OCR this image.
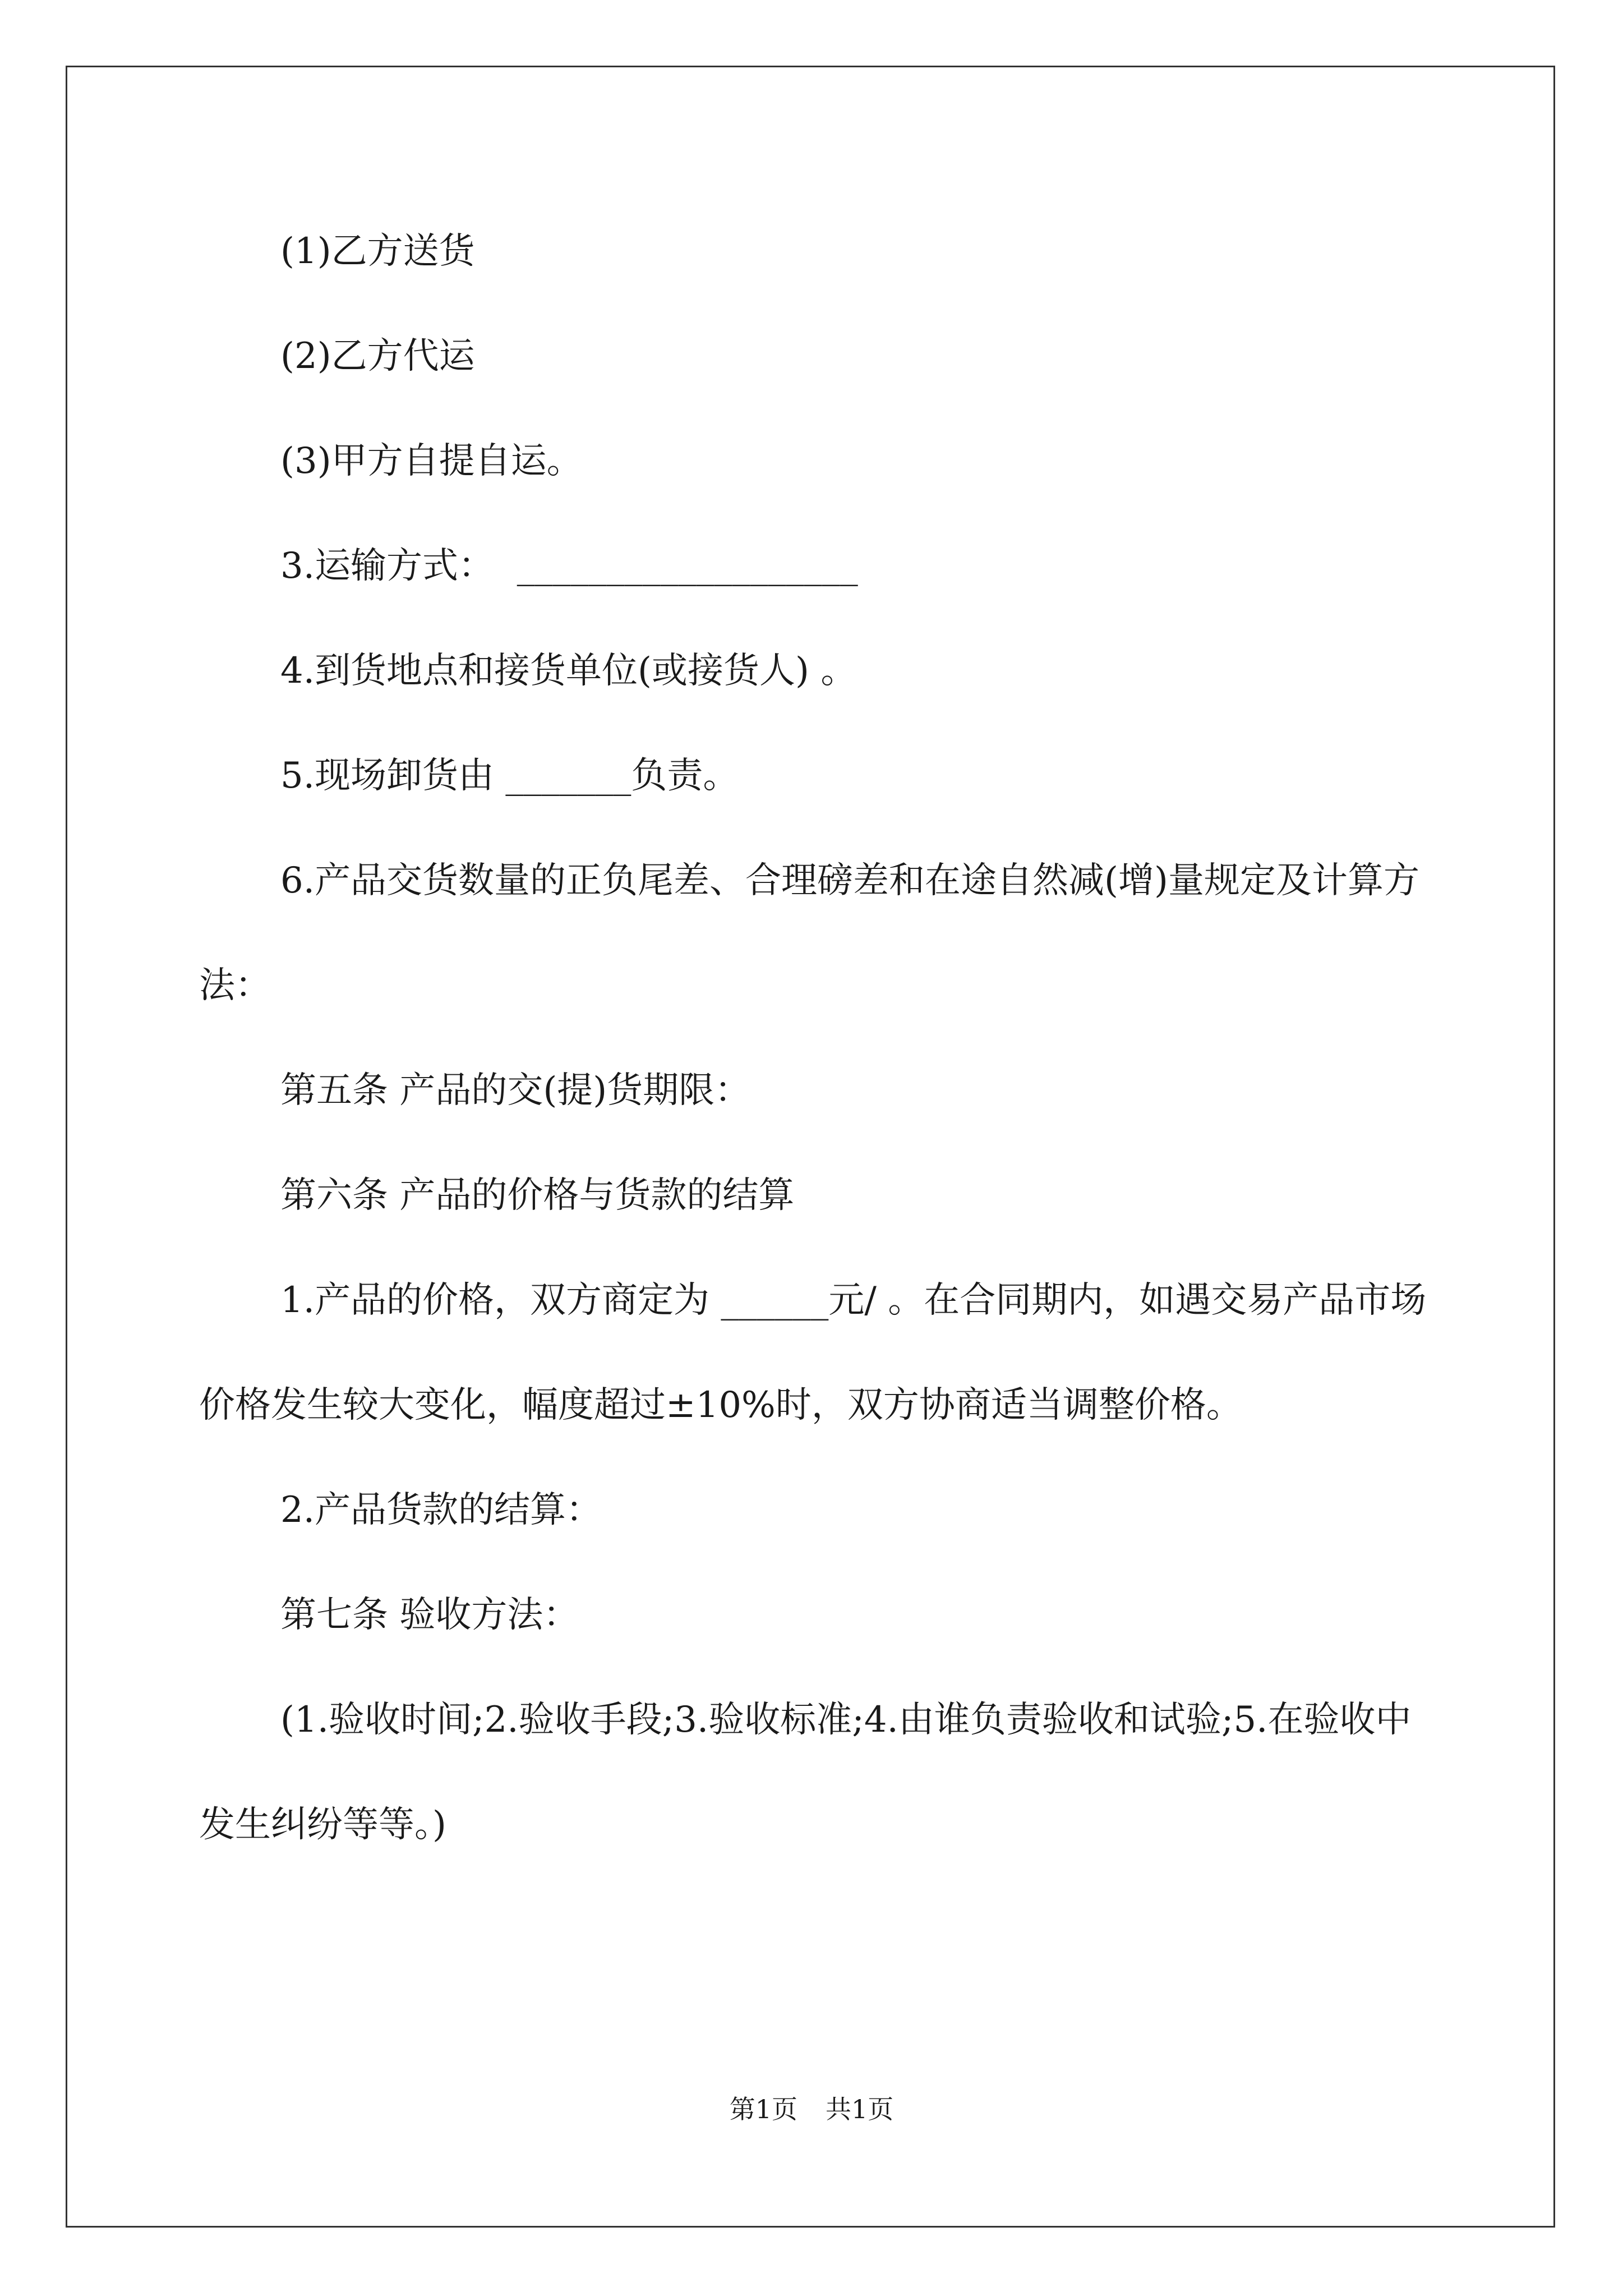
(1)乙方送货

(2)乙方代运

(3)甲方自提自运。

3.运输方式：  ___________________

4.到货地点和接货单位(或接货人) 。

5.现场卸货由 _______负责。

6.产品交货数量的正负尾差、合理磅差和在途自然减(增)量规定及计算方法：

第五条 产品的交(提)货期限：

第六条 产品的价格与货款的结算

1.产品的价格，双方商定为 ______元/ 。在合同期内，如遇交易产品市场价格发生较大变化，幅度超过±10%时，双方协商适当调整价格。

2.产品货款的结算：

第七条 验收方法：

(1.验收时间;2.验收手段;3.验收标准;4.由谁负责验收和试验;5.在验收中发生纠纷等等。)

第1页 共1页
